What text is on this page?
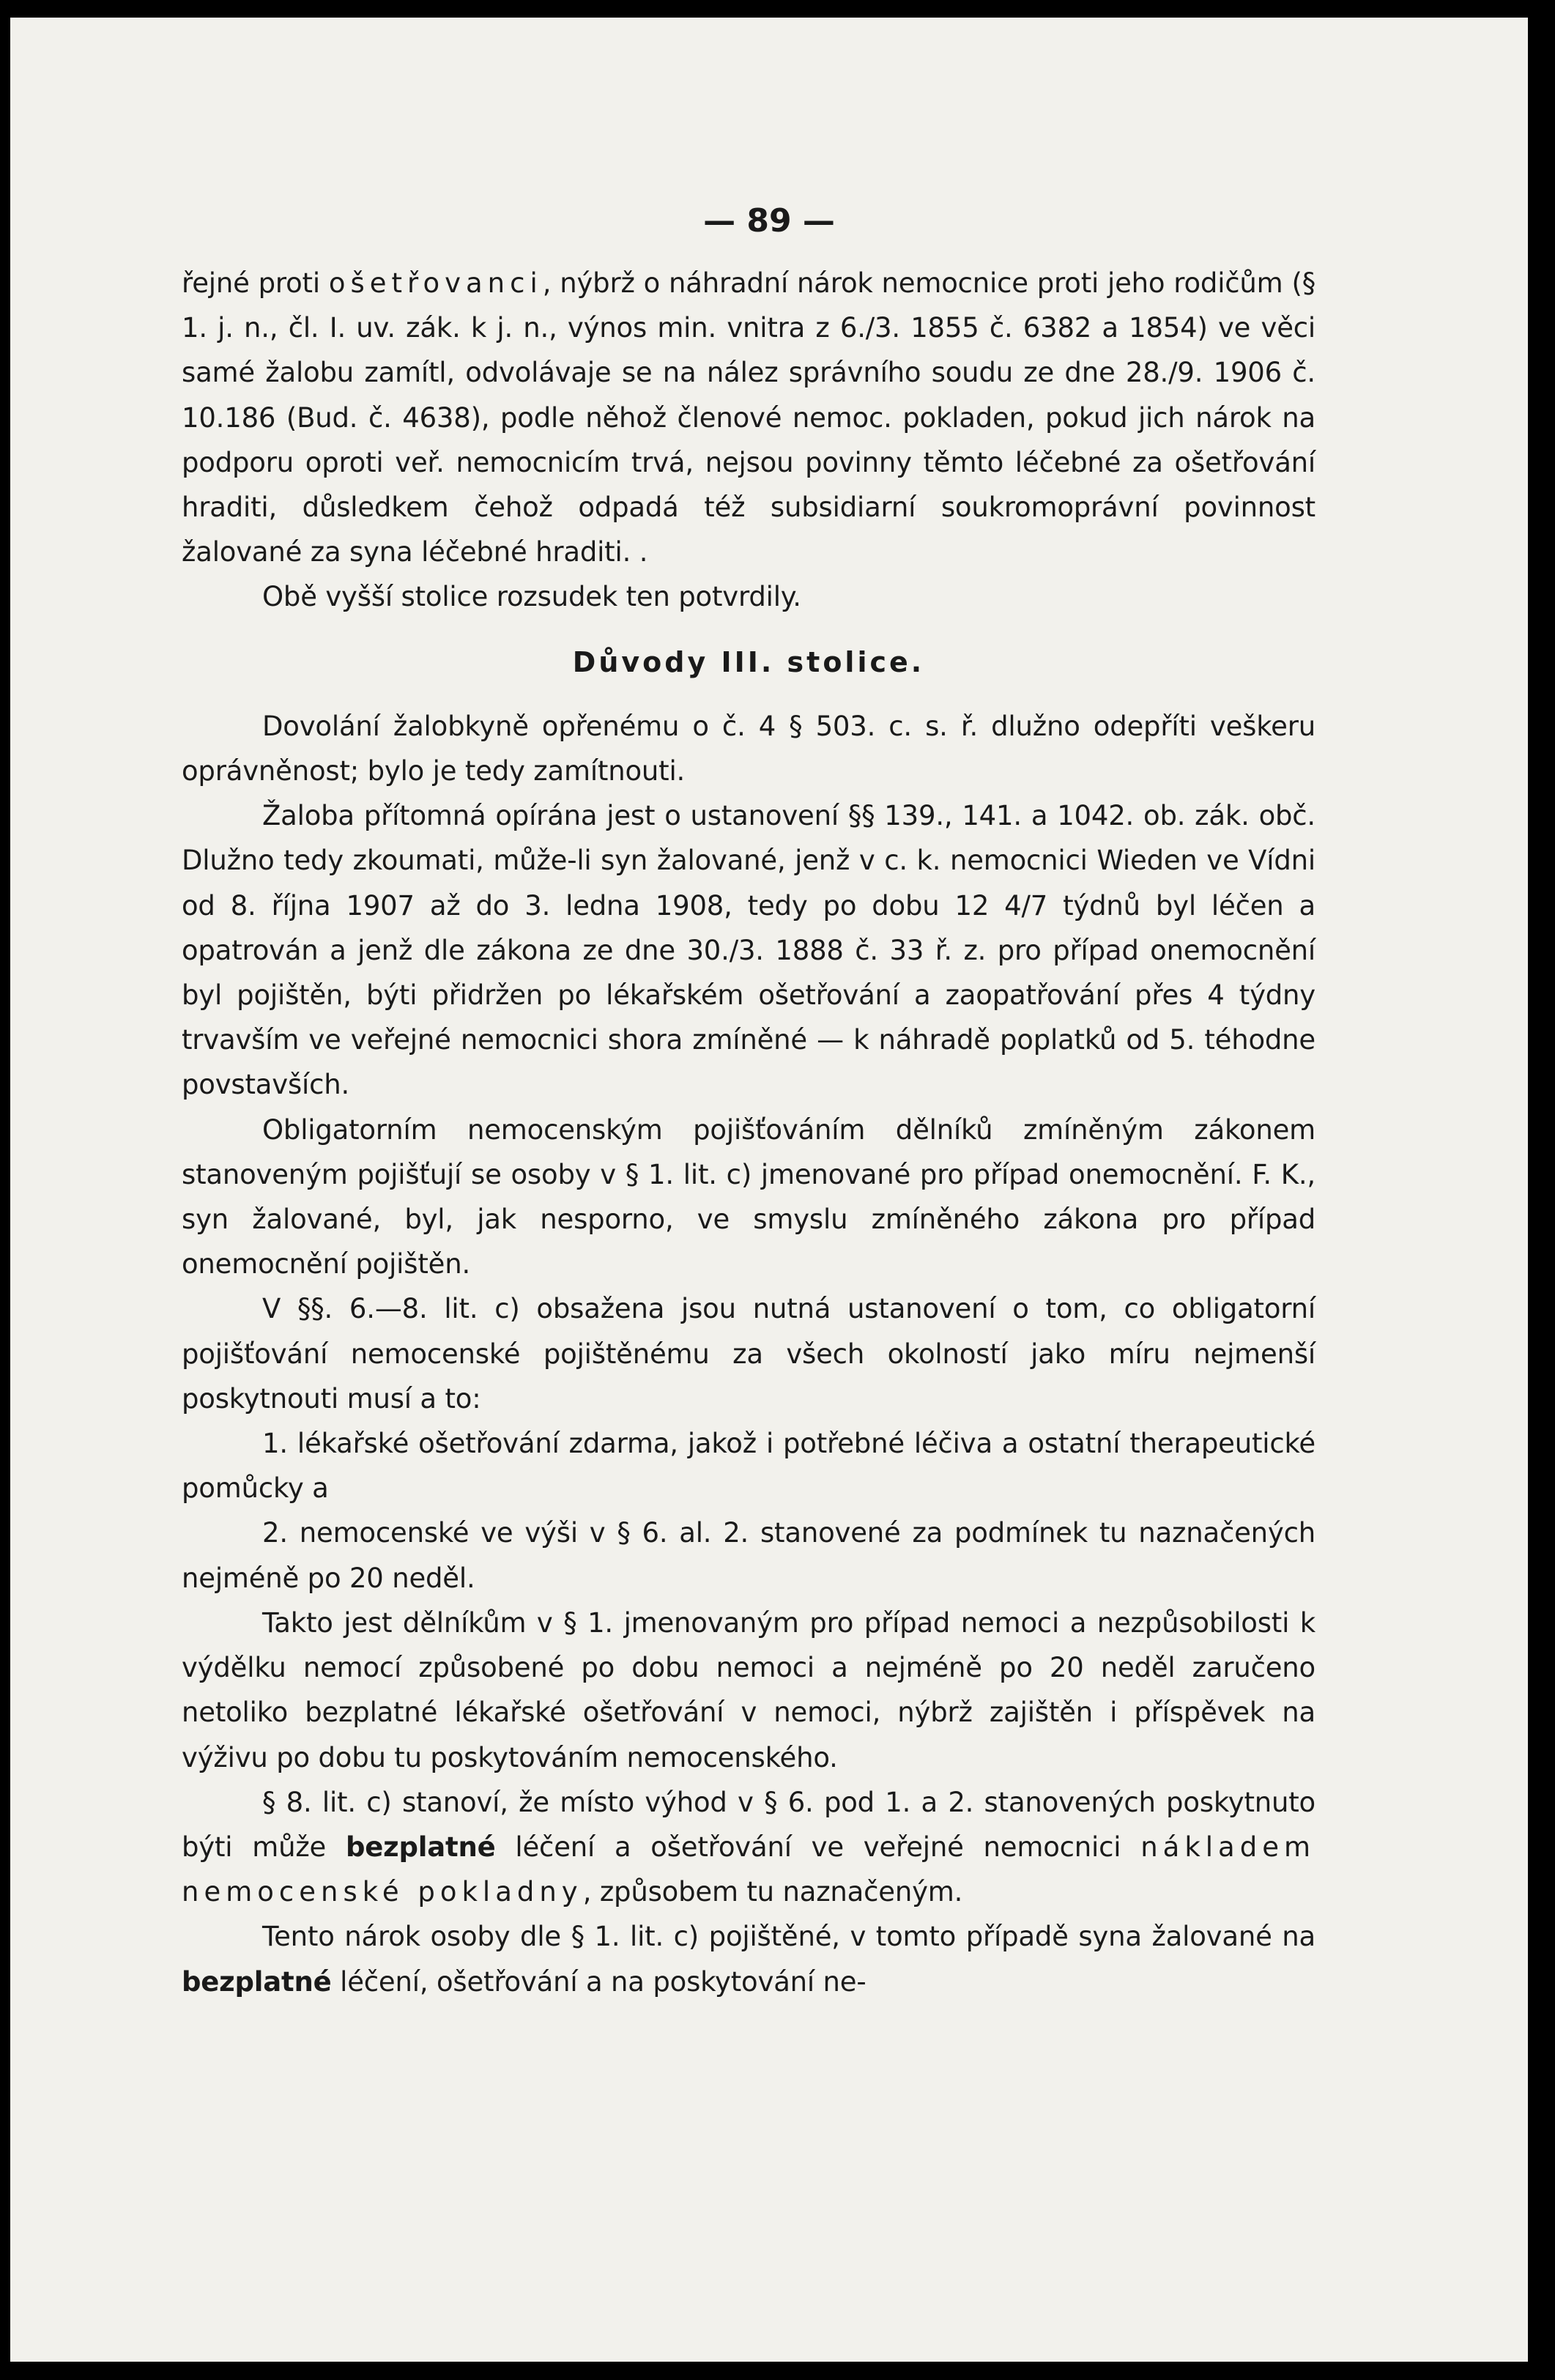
— 89 —

řejné proti ošetřovanci, nýbrž o náhradní nárok nemocnice proti jeho rodičům (§ 1. j. n., čl. I. uv. zák. k j. n., výnos min. vnitra z 6./3. 1855 č. 6382 a 1854) ve věci samé žalobu zamítl, odvolávaje se na nález správního soudu ze dne 28./9. 1906 č. 10.186 (Bud. č. 4638), podle něhož členové nemoc. pokladen, pokud jich nárok na podporu oproti veř. nemocnicím trvá, nejsou povinny těmto léčebné za ošetřování hraditi, důsledkem čehož odpadá též subsidiarní soukromoprávní povinnost žalované za syna léčebné hraditi. .

Obě vyšší stolice rozsudek ten potvrdily.

Důvody III. stolice.

Dovolání žalobkyně opřenému o č. 4 § 503. c. s. ř. dlužno odepříti veškeru oprávněnost; bylo je tedy zamítnouti.

Žaloba přítomná opírána jest o ustanovení §§ 139., 141. a 1042. ob. zák. obč. Dlužno tedy zkoumati, může-li syn žalované, jenž v c. k. nemocnici Wieden ve Vídni od 8. října 1907 až do 3. ledna 1908, tedy po dobu 12 4/7 týdnů byl léčen a opatrován a jenž dle zákona ze dne 30./3. 1888 č. 33 ř. z. pro případ onemocnění byl pojištěn, býti přidržen po lékařském ošetřování a zaopatřování přes 4 týdny trvavším ve veřejné nemocnici shora zmíněné — k náhradě poplatků od 5. téhodne povstavších.

Obligatorním nemocenským pojišťováním dělníků zmíněným zákonem stanoveným pojišťují se osoby v § 1. lit. c) jmenované pro případ onemocnění. F. K., syn žalované, byl, jak nesporno, ve smyslu zmíněného zákona pro případ onemocnění pojištěn.

V §§. 6.—8. lit. c) obsažena jsou nutná ustanovení o tom, co obligatorní pojišťování nemocenské pojištěnému za všech okolností jako míru nejmenší poskytnouti musí a to:

1. lékařské ošetřování zdarma, jakož i potřebné léčiva a ostatní therapeutické pomůcky a

2. nemocenské ve výši v § 6. al. 2. stanovené za podmínek tu naznačených nejméně po 20 neděl.

Takto jest dělníkům v § 1. jmenovaným pro případ nemoci a nezpůsobilosti k výdělku nemocí způsobené po dobu nemoci a nejméně po 20 neděl zaručeno netoliko bezplatné lékařské ošetřování v nemoci, nýbrž zajištěn i příspěvek na výživu po dobu tu poskytováním nemocenského.

§ 8. lit. c) stanoví, že místo výhod v § 6. pod 1. a 2. stanovených poskytnuto býti může bezplatné léčení a ošetřování ve veřejné nemocnici nákladem nemocenské pokladny, způsobem tu naznačeným.

Tento nárok osoby dle § 1. lit. c) pojištěné, v tomto případě syna žalované na bezplatné léčení, ošetřování a na poskytování ne-
